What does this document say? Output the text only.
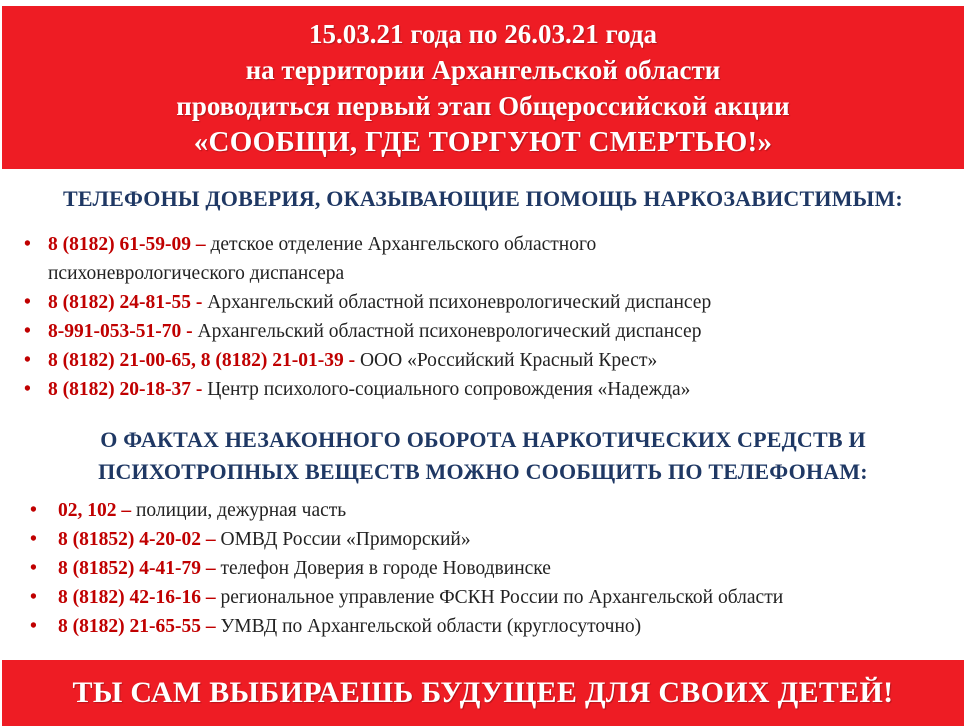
15.03.21 года по 26.03.21 года
на территории Архангельской области
проводиться первый этап Общероссийской акции
«СООБЩИ, ГДЕ ТОРГУЮТ СМЕРТЬЮ!»
ТЕЛЕФОНЫ ДОВЕРИЯ, ОКАЗЫВАЮЩИЕ ПОМОЩЬ НАРКОЗАВИСТИМЫМ:
• 8 (8182) 61-59-09 – детское отделение Архангельского областного
психоневрологического диспансера
• 8 (8182) 24-81-55 - Архангельский областной психоневрологический диспансер
• 8-991-053-51-70 - Архангельский областной психоневрологический диспансер
• 8 (8182) 21-00-65, 8 (8182) 21-01-39 - ООО «Российский Красный Крест»
• 8 (8182) 20-18-37 - Центр психолого-социального сопровождения «Надежда»
О ФАКТАХ НЕЗАКОННОГО ОБОРОТА НАРКОТИЧЕСКИХ СРЕДСТВ И
ПСИХОТРОПНЫХ ВЕЩЕСТВ МОЖНО СООБЩИТЬ ПО ТЕЛЕФОНАМ:
• 02, 102 – полиции, дежурная часть
• 8 (81852) 4-20-02 – ОМВД России «Приморский»
• 8 (81852) 4-41-79 – телефон Доверия в городе Новодвинске
• 8 (8182) 42-16-16 – региональное управление ФСКН России по Архангельской области
• 8 (8182) 21-65-55 – УМВД по Архангельской области (круглосуточно)
ТЫ САМ ВЫБИРАЕШЬ БУДУЩЕЕ ДЛЯ СВОИХ ДЕТЕЙ!
